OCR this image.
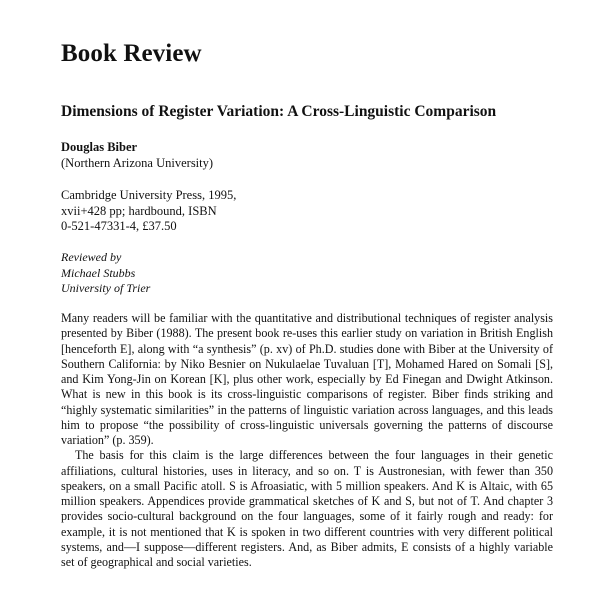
Book Review
Dimensions of Register Variation: A Cross-Linguistic Comparison
Douglas Biber
(Northern Arizona University)
Cambridge University Press, 1995,
xvii+428 pp; hardbound, ISBN
0-521-47331-4, £37.50
Reviewed by
Michael Stubbs
University of Trier

Many readers will be familiar with the quantitative and distributional techniques of register analysis presented by Biber (1988). The present book re-uses this earlier study on variation in British English [henceforth E], along with “a synthesis” (p. xv) of Ph.D. studies done with Biber at the University of Southern California: by Niko Besnier on Nukulaelae Tuvaluan [T], Mohamed Hared on Somali [S], and Kim Yong-Jin on Korean [K], plus other work, especially by Ed Finegan and Dwight Atkinson. What is new in this book is its cross-linguistic comparisons of register. Biber finds striking and “highly systematic similarities” in the patterns of linguistic variation across languages, and this leads him to propose “the possibility of cross-linguistic universals governing the patterns of discourse variation” (p. 359).

The basis for this claim is the large differences between the four languages in their genetic affiliations, cultural histories, uses in literacy, and so on. T is Austronesian, with fewer than 350 speakers, on a small Pacific atoll. S is Afroasiatic, with 5 million speakers. And K is Altaic, with 65 million speakers. Appendices provide grammatical sketches of K and S, but not of T. And chapter 3 provides socio-cultural background on the four languages, some of it fairly rough and ready: for example, it is not mentioned that K is spoken in two different countries with very different political systems, and—I suppose—different registers. And, as Biber admits, E consists of a highly variable set of geographical and social varieties.
